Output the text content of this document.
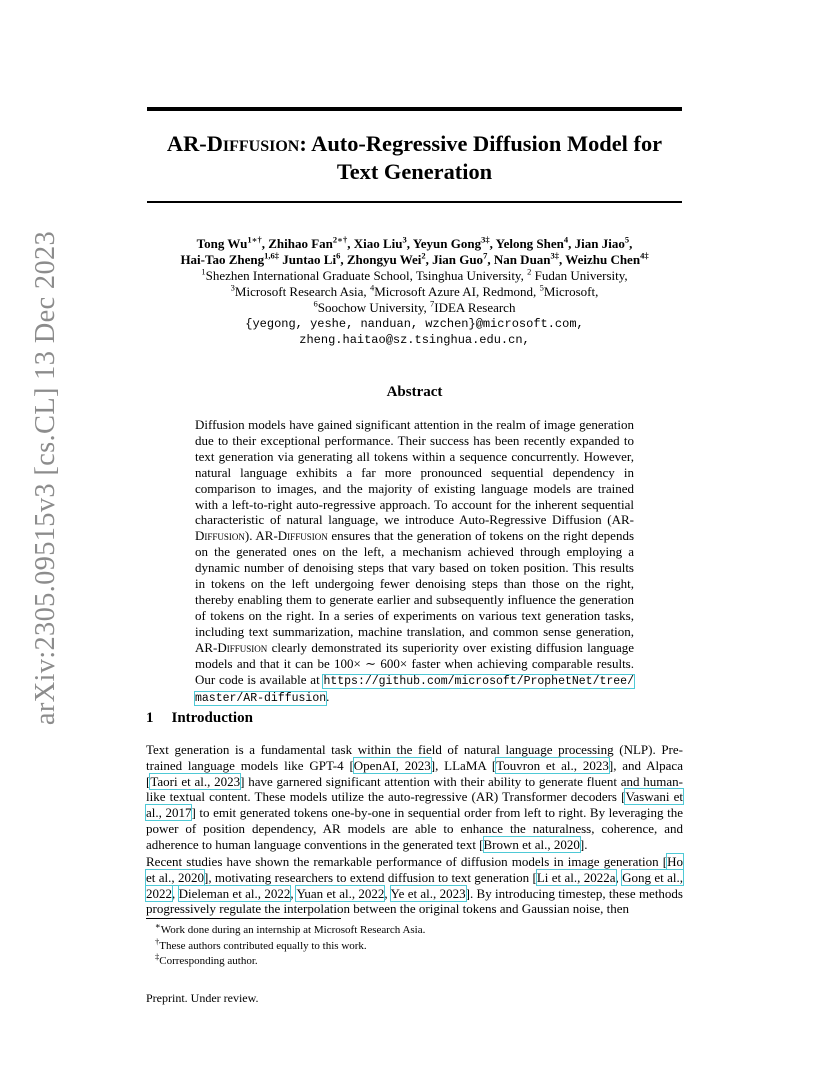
arXiv:2305.09515v3 [cs.CL] 13 Dec 2023
AR-Diffusion: Auto-Regressive Diffusion Model for
Text Generation
Tong $Wu^{1∗\dagger}$, Zhihao Fan$^{2∗\dagger}$, Xiao Liu$^3$, Yeyun Gong$^{3\ddagger}$, Yelong Shen$^4$, Jian Jiao$^5$,
Hai-Tao Zheng$^{1,6\ddagger}$ Juntao Li$^6$, Zhongyu Wei$^2$, Jian Guo$^7$, Nan Duan$^{3\ddagger}$, Weizhu Chen$^{4\ddagger}$
$^1$Shezhen International Graduate School, Tsinghua University, $^2$ Fudan University,
$^3$Microsoft Research Asia, $^4$Microsoft Azure AI, Redmond, $^5$Microsoft,
$^6$Soochow University, $^7$IDEA Research
{yegong, yeshe, nanduan, wzchen}@microsoft.com,
zheng.haitao@sz.tsinghua.edu.cn,
Abstract
Diffusion models have gained significant attention in the realm of image generation due to their exceptional performance. Their success has been recently expanded to text generation via generating all tokens within a sequence concurrently. However, natural language exhibits a far more pronounced sequential dependency in comparison to images, and the majority of existing language models are trained with a left-to-right auto-regressive approach. To account for the inherent sequential characteristic of natural language, we introduce Auto-Regressive Diffusion (AR-Diffusion). AR-Diffusion ensures that the generation of tokens on the right depends on the generated ones on the left, a mechanism achieved through employing a dynamic number of denoising steps that vary based on token position. This results in tokens on the left undergoing fewer denoising steps than those on the right, thereby enabling them to generate earlier and subsequently influence the generation of tokens on the right. In a series of experiments on various text generation tasks, including text summarization, machine translation, and common sense generation, AR-Diffusion clearly demonstrated its superiority over existing diffusion language models and that it can be 100× ∼ 600× faster when achieving comparable results. Our code is available at https://github.com/microsoft/ProphetNet/tree/master/AR-diffusion.
1 Introduction
Text generation is a fundamental task within the field of natural language processing (NLP). Pre-trained language models like GPT-4 [OpenAI, 2023], LLaMA [Touvron et al., 2023], and Alpaca [Taori et al., 2023] have garnered significant attention with their ability to generate fluent and human-like textual content. These models utilize the auto-regressive (AR) Transformer decoders [Vaswani et al., 2017] to emit generated tokens one-by-one in sequential order from left to right. By leveraging the power of position dependency, AR models are able to enhance the naturalness, coherence, and adherence to human language conventions in the generated text [Brown et al., 2020].
Recent studies have shown the remarkable performance of diffusion models in image generation [Ho et al., 2020], motivating researchers to extend diffusion to text generation [Li et al., 2022a, Gong et al., 2022, Dieleman et al., 2022, Yuan et al., 2022, Ye et al., 2023]. By introducing timestep, these methods progressively regulate the interpolation between the original tokens and Gaussian noise, then
∗Work done during an internship at Microsoft Research Asia.
†These authors contributed equally to this work.
‡Corresponding author.
Preprint. Under review.
